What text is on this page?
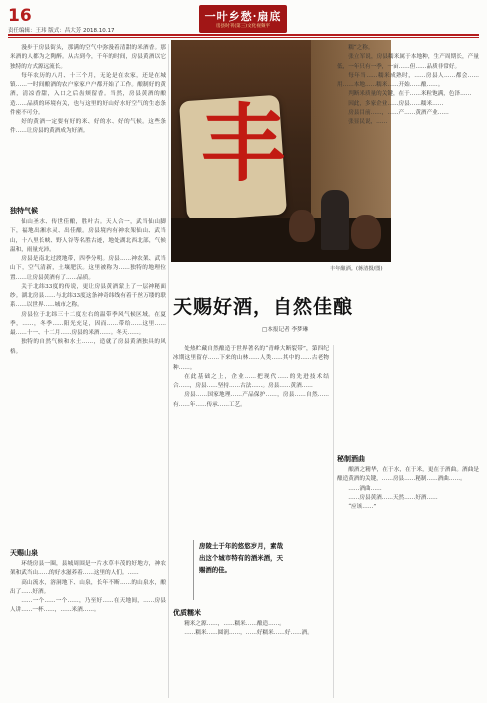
16
责任编辑：王玮 版式：昌大芳 2018.10.17
一叶乡愁·扇底
房县时刊(第三)文化视频平

漫步于房县街头，那满的空气中弥漫着清甜的米酒香。那米酒的人都为之陶醉。从古到今，千年的时间，房县黄酒以它独特的方式源远流长。

每年农历的八月、十三个月，无论是在农家，还是在城镇……一时间酿酒的农户家家户户都开始了工作。酿制好的黄酒，清凉香甜，入口之后齿颊留香。当然，房县黄酒的酿造……品质的环境有关，也与这里的好山好水好空气的生态条件密不可分。

好的黄酒一定要有好的米、好的水、好的气候。这些条件……让房县的黄酒成为好酒。

独特气候

仙山圣水、传世佳酿，胜叶古。天人合一，武当仙山脚下，福地出湘水灵、出佳酿。房县境内有神农架仙山、武当山，十八里长峡、野人谷等名胜古迹，地处湖北西北部，气候温和，雨量充沛。

房县是南北过渡地带，四季分明。房县……神农架、武当山下，空气清新，土壤肥沃。这里被称为……独特的地理位置……让房县黄酒有了……品质。

关于北纬33度的传说，更让房县黄酒蒙上了一层神秘面纱。湖北房县……与北纬33度这条神奇纬线有着千丝万缕的联系……以世界……城市之称。

房县位于北纬三十二度左右的温带季风气候区域。在夏季，……，冬季……阳光充足，因而……带给……这里……最……十一、十二月……房县的米酒……。冬天……。

独特的自然气候和水土……，造就了房县黄酒独具的风格。

天赐山泉

环绕房县一圈，县城周围是一片水草丰茂的好地方，神农架和武当山……的好水滋养着……这里的人们。……

高山流水，溶洞地下、山泉，长年不断……的山泉水，酿出了……好酒。

……一个……一个……，乃至好……在天地间，……房县人讲……一杯……，……米酒……。

丰
丰年酿酒。(蒋清摄/图)
天赐好酒，自然佳酿
□本报记者 李梦琳

处热贮藏自然酿造于世界著名的“青峰大断裂带”，第四纪冰期这里留存……下来的山林……人类……其中的……古老物种……。

在此基础之上，企业……把现代……的先进技术结合……，房县……坚持……古法……。房县……黄酒……

房县……国家地理……产品保护……，房县……自然……有……年……传承……工艺。

房陵土于年的悠悠岁月，素哉出这个城市特有的酒米酒，天赐酒的佳。
优质糯米

精米之源……，……糯米……酿造……。

……糯米……圆润……，……好糯米……好……酒。

糯“之称。

张立军说，房县糯米属于本地种，生产周期长，产量低，一年只有一季，一亩……但……品质非常好。

每年当……糯米成熟时，……房县人……都会……用……本地……糯米……开始……酿……。

判断米质量的关键，在于……米粒饱满，色泽……

因此，多家企业……房县……糯米……

房县目前……，……产……黄酒产业……

张显民说，……

秘制酒曲

酿酒之精华，在于水，在于米，更在于酒曲。酒曲是酿造黄酒的关键，……房县……秘制……酒曲……。

……酒曲……

……房县黄酒……天然……好酒……

“应该……”
